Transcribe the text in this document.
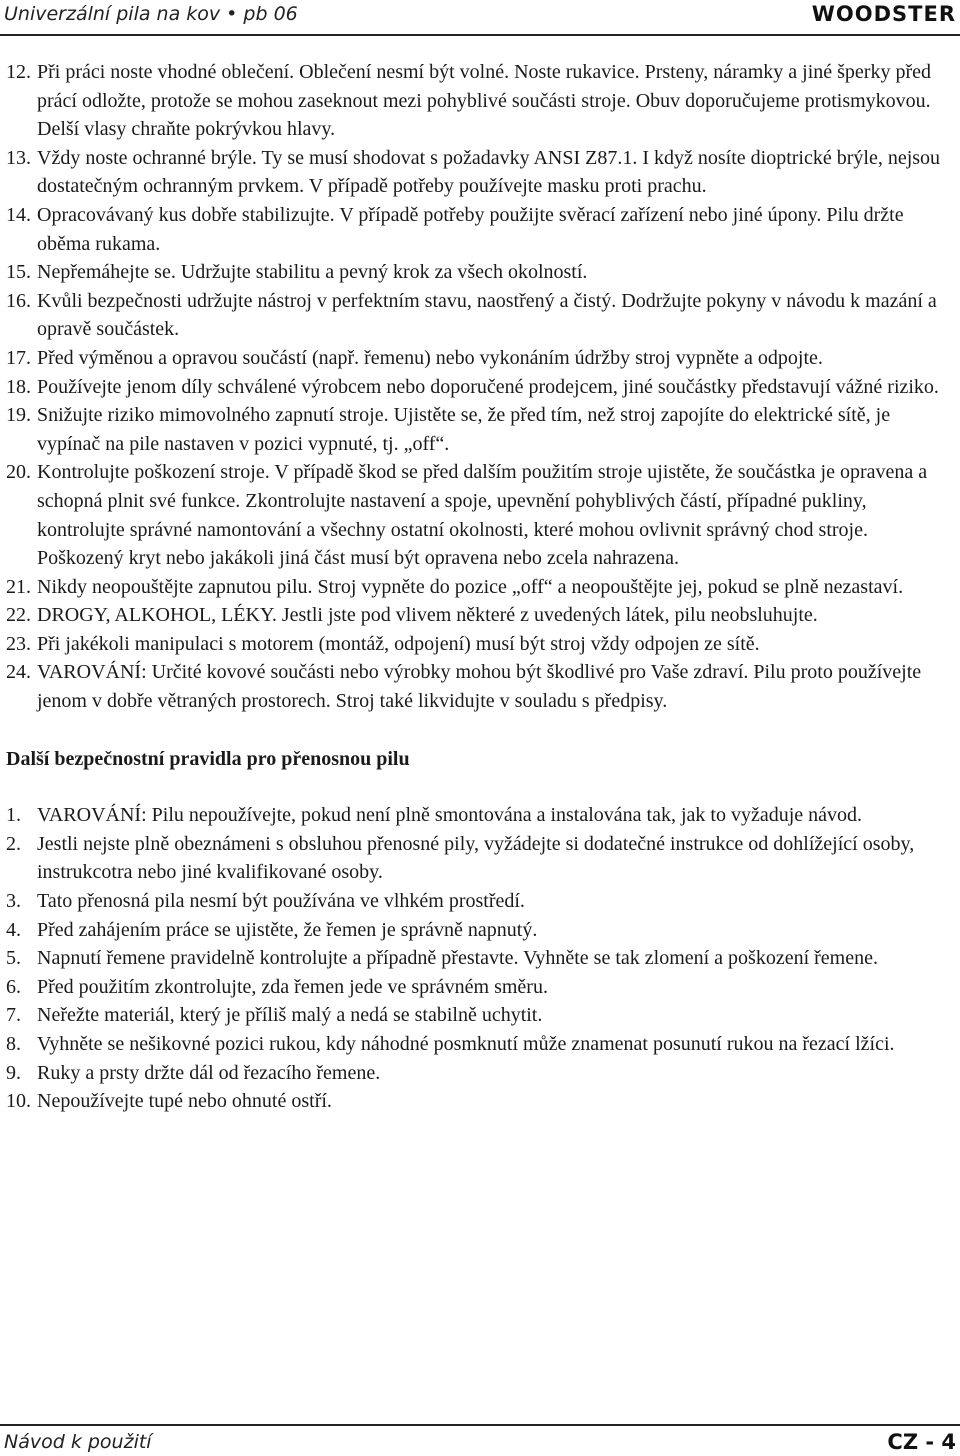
Univerzální pila na kov • pb 06	WOODSTER
12. Při práci noste vhodné oblečení. Oblečení nesmí být volné. Noste rukavice. Prsteny, náramky a jiné šperky před prácí odložte, protože se mohou zaseknout mezi pohyblivé součásti stroje. Obuv doporučujeme protismykovou. Delší vlasy chraňte pokrývkou hlavy.
13. Vždy noste ochranné brýle. Ty se musí shodovat s požadavky ANSI Z87.1. I když nosíte dioptrické brýle, nejsou dostatečným ochranným prvkem. V případě potřeby používejte masku proti prachu.
14. Opracovávaný kus dobře stabilizujte. V případě potřeby použijte svěrací zařízení nebo jiné úpony. Pilu držte oběma rukama.
15. Nepřemáhejte se. Udržujte stabilitu a pevný krok za všech okolností.
16. Kvůli bezpečnosti udržujte nástroj v perfektním stavu, naostřený a čistý. Dodržujte pokyny v návodu k mazání a opravě součástek.
17. Před výměnou a opravou součástí (např. řemenu) nebo vykonáním údržby stroj vypněte a odpojte.
18. Používejte jenom díly schválené výrobcem nebo doporučené prodejcem, jiné součástky představují vážné riziko.
19. Snižujte riziko mimovolného zapnutí stroje. Ujistěte se, že před tím, než stroj zapojíte do elektrické sítě, je vypínač na pile nastaven v pozici vypnuté, tj. „off“.
20. Kontrolujte poškození stroje. V případě škod se před dalším použitím stroje ujistěte, že součástka je opravena a schopná plnit své funkce. Zkontrolujte nastavení a spoje, upevnění pohyblivých částí, případné pukliny, kontrolujte správné namontování a všechny ostatní okolnosti, které mohou ovlivnit správný chod stroje. Poškozený kryt nebo jakákoli jiná část musí být opravena nebo zcela nahrazena.
21. Nikdy neopouštějte zapnutou pilu. Stroj vypněte do pozice „off“ a neopouštějte jej, pokud se plně nezastaví.
22. DROGY, ALKOHOL, LÉKY. Jestli jste pod vlivem některé z uvedených látek, pilu neobsluhujte.
23. Při jakékoli manipulaci s motorem (montáž, odpojení) musí být stroj vždy odpojen ze sítě.
24. VAROVÁNÍ: Určité kovové součásti nebo výrobky mohou být škodlivé pro Vaše zdraví. Pilu proto používejte jenom v dobře větraných prostorech. Stroj také likvidujte v souladu s předpisy.
Další bezpečnostní pravidla pro přenosnou pilu
1. VAROVÁNÍ: Pilu nepoužívejte, pokud není plně smontována a instalována tak, jak to vyžaduje návod.
2. Jestli nejste plně obeznámeni s obsluhou přenosné pily, vyžádejte si dodatečné instrukce od dohlížející osoby, instrukcotra nebo jiné kvalifikované osoby.
3. Tato přenosná pila nesmí být používána ve vlhkém prostředí.
4. Před zahájením práce se ujistěte, že řemen je správně napnutý.
5. Napnutí řemene pravidelně kontrolujte a případně přestavte. Vyhněte se tak zlomení a poškození řemene.
6. Před použitím zkontrolujte, zda řemen jede ve správném směru.
7. Neřežte materiál, který je příliš malý a nedá se stabilně uchytit.
8. Vyhněte se nešikovné pozici rukou, kdy náhodné posmknutí může znamenat posunutí rukou na řezací lžíci.
9. Ruky a prsty držte dál od řezacího řemene.
10. Nepoužívejte tupé nebo ohnuté ostří.
Návod k použití	CZ - 4
